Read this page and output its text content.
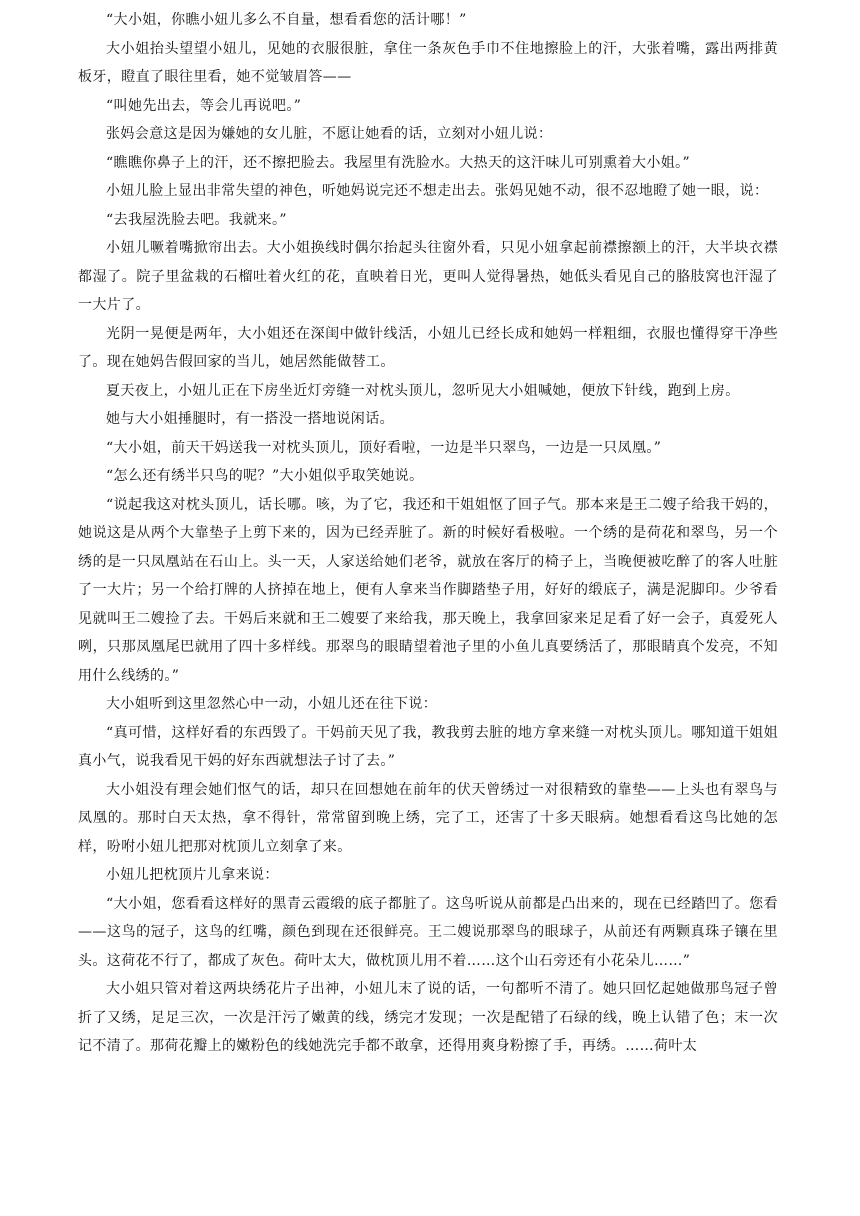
“大小姐，你瞧小妞儿多么不自量，想看看您的活计哪！”

大小姐抬头望望小妞儿，见她的衣服很脏，拿住一条灰色手巾不住地擦脸上的汗，大张着嘴，露出两排黄板牙，瞪直了眼往里看，她不觉皱眉答——

“叫她先出去，等会儿再说吧。”

张妈会意这是因为嫌她的女儿脏，不愿让她看的话，立刻对小妞儿说：

“瞧瞧你鼻子上的汗，还不擦把脸去。我屋里有洗脸水。大热天的这汗味儿可别熏着大小姐。”

小妞儿脸上显出非常失望的神色，听她妈说完还不想走出去。张妈见她不动，很不忍地瞪了她一眼，说：

“去我屋洗脸去吧。我就来。”

小妞儿噘着嘴掀帘出去。大小姐换线时偶尔抬起头往窗外看，只见小妞拿起前襟擦额上的汗，大半块衣襟都湿了。院子里盆栽的石榴吐着火红的花，直映着日光，更叫人觉得暑热，她低头看见自己的胳肢窝也汗湿了一大片了。

光阴一晃便是两年，大小姐还在深闺中做针线活，小妞儿已经长成和她妈一样粗细，衣服也懂得穿干净些了。现在她妈告假回家的当儿，她居然能做替工。

夏天夜上，小妞儿正在下房坐近灯旁缝一对枕头顶儿，忽听见大小姐喊她，便放下针线，跑到上房。

她与大小姐捶腿时，有一搭没一搭地说闲话。

“大小姐，前天干妈送我一对枕头顶儿，顶好看啦，一边是半只翠鸟，一边是一只凤凰。”

“怎么还有绣半只鸟的呢？”大小姐似乎取笑她说。

“说起我这对枕头顶儿，话长哪。咳，为了它，我还和干姐姐怄了回子气。那本来是王二嫂子给我干妈的，她说这是从两个大靠垫子上剪下来的，因为已经弄脏了。新的时候好看极啦。一个绣的是荷花和翠鸟，另一个绣的是一只凤凰站在石山上。头一天，人家送给她们老爷，就放在客厅的椅子上，当晚便被吃醉了的客人吐脏了一大片；另一个给打牌的人挤掉在地上，便有人拿来当作脚踏垫子用，好好的缎底子，满是泥脚印。少爷看见就叫王二嫂捡了去。干妈后来就和王二嫂要了来给我，那天晚上，我拿回家来足足看了好一会子，真爱死人咧，只那凤凰尾巴就用了四十多样线。那翠鸟的眼睛望着池子里的小鱼儿真要绣活了，那眼睛真个发亮，不知用什么线绣的。”

大小姐听到这里忽然心中一动，小妞儿还在往下说：

“真可惜，这样好看的东西毁了。干妈前天见了我，教我剪去脏的地方拿来缝一对枕头顶儿。哪知道干姐姐真小气，说我看见干妈的好东西就想法子讨了去。”

大小姐没有理会她们怄气的话，却只在回想她在前年的伏天曾绣过一对很精致的靠垫——上头也有翠鸟与凤凰的。那时白天太热，拿不得针，常常留到晚上绣，完了工，还害了十多天眼病。她想看看这鸟比她的怎样，吩咐小妞儿把那对枕顶儿立刻拿了来。

小妞儿把枕顶片儿拿来说：

“大小姐，您看看这样好的黑青云霞缎的底子都脏了。这鸟听说从前都是凸出来的，现在已经踏凹了。您看——这鸟的冠子，这鸟的红嘴，颜色到现在还很鲜亮。王二嫂说那翠鸟的眼球子，从前还有两颗真珠子镶在里头。这荷花不行了，都成了灰色。荷叶太大，做枕顶儿用不着……这个山石旁还有小花朵儿……”

大小姐只管对着这两块绣花片子出神，小妞儿末了说的话，一句都听不清了。她只回忆起她做那鸟冠子曾折了又绣，足足三次，一次是汗污了嫩黄的线，绣完才发现；一次是配错了石绿的线，晚上认错了色；末一次记不清了。那荷花瓣上的嫩粉色的线她洗完手都不敢拿，还得用爽身粉擦了手，再绣。……荷叶太
